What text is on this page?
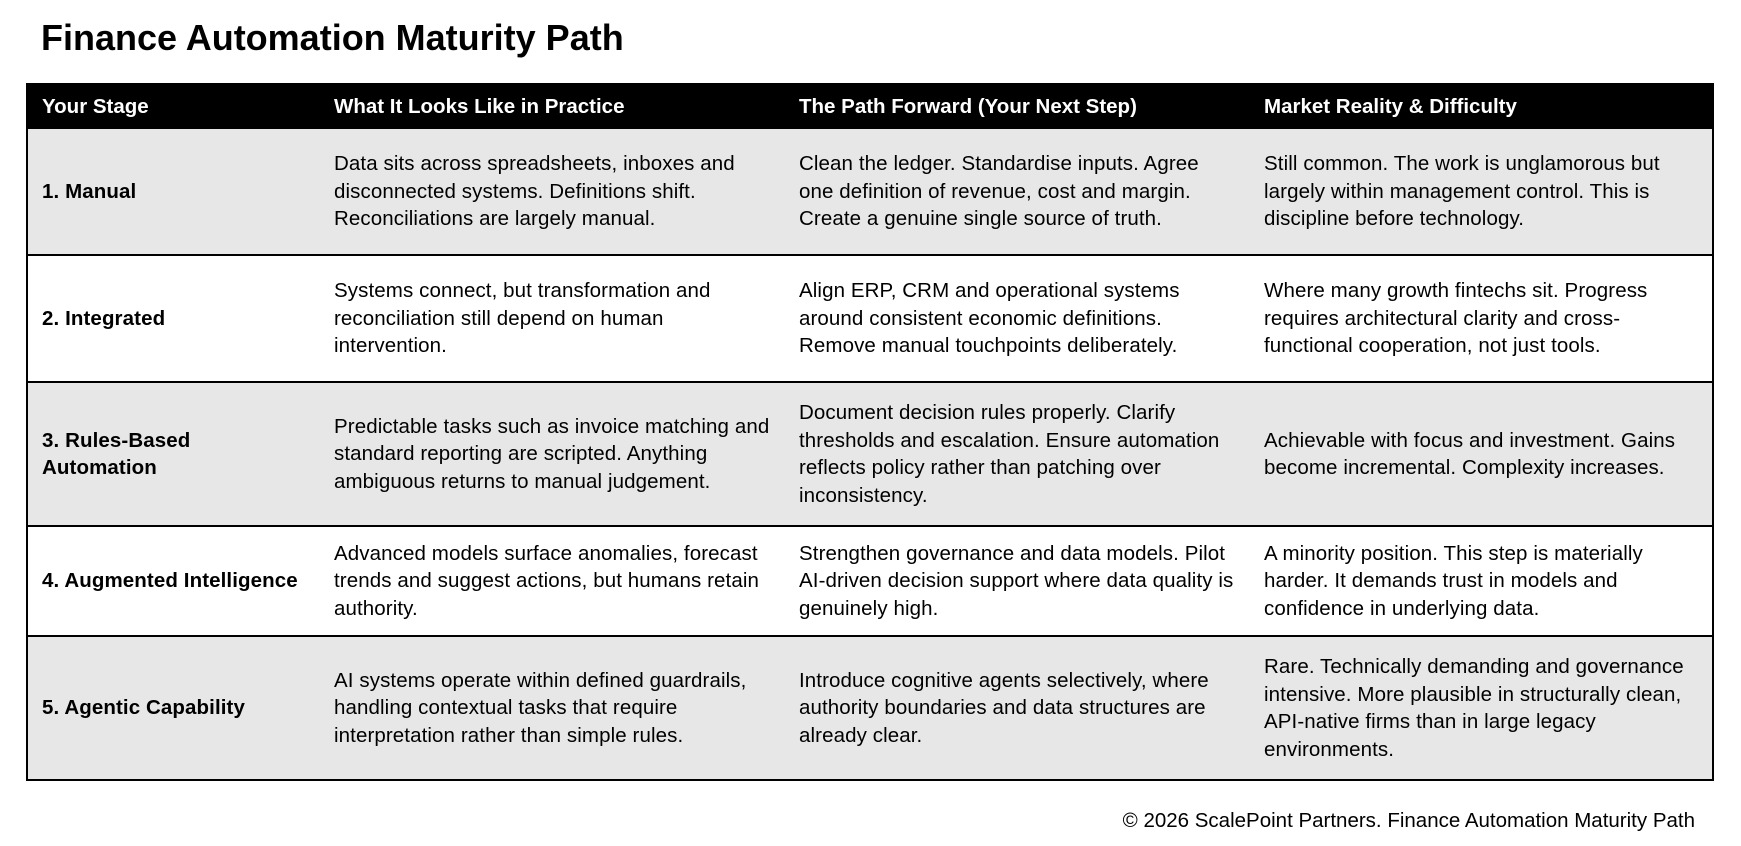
Finance Automation Maturity Path
Your Stage	What It Looks Like in Practice	The Path Forward (Your Next Step)	Market Reality & Difficulty
1. Manual	Data sits across spreadsheets, inboxes and disconnected systems. Definitions shift. Reconciliations are largely manual.	Clean the ledger. Standardise inputs. Agree one definition of revenue, cost and margin. Create a genuine single source of truth.	Still common. The work is unglamorous but largely within management control. This is discipline before technology.
2. Integrated	Systems connect, but transformation and reconciliation still depend on human intervention.	Align ERP, CRM and operational systems around consistent economic definitions. Remove manual touchpoints deliberately.	Where many growth fintechs sit. Progress requires architectural clarity and cross-functional cooperation, not just tools.
3. Rules-Based Automation	Predictable tasks such as invoice matching and standard reporting are scripted. Anything ambiguous returns to manual judgement.	Document decision rules properly. Clarify thresholds and escalation. Ensure automation reflects policy rather than patching over inconsistency.	Achievable with focus and investment. Gains become incremental. Complexity increases.
4. Augmented Intelligence	Advanced models surface anomalies, forecast trends and suggest actions, but humans retain authority.	Strengthen governance and data models. Pilot AI-driven decision support where data quality is genuinely high.	A minority position. This step is materially harder. It demands trust in models and confidence in underlying data.
5. Agentic Capability	AI systems operate within defined guardrails, handling contextual tasks that require interpretation rather than simple rules.	Introduce cognitive agents selectively, where authority boundaries and data structures are already clear.	Rare. Technically demanding and governance intensive. More plausible in structurally clean, API-native firms than in large legacy environments.
© 2026 ScalePoint Partners. Finance Automation Maturity Path
